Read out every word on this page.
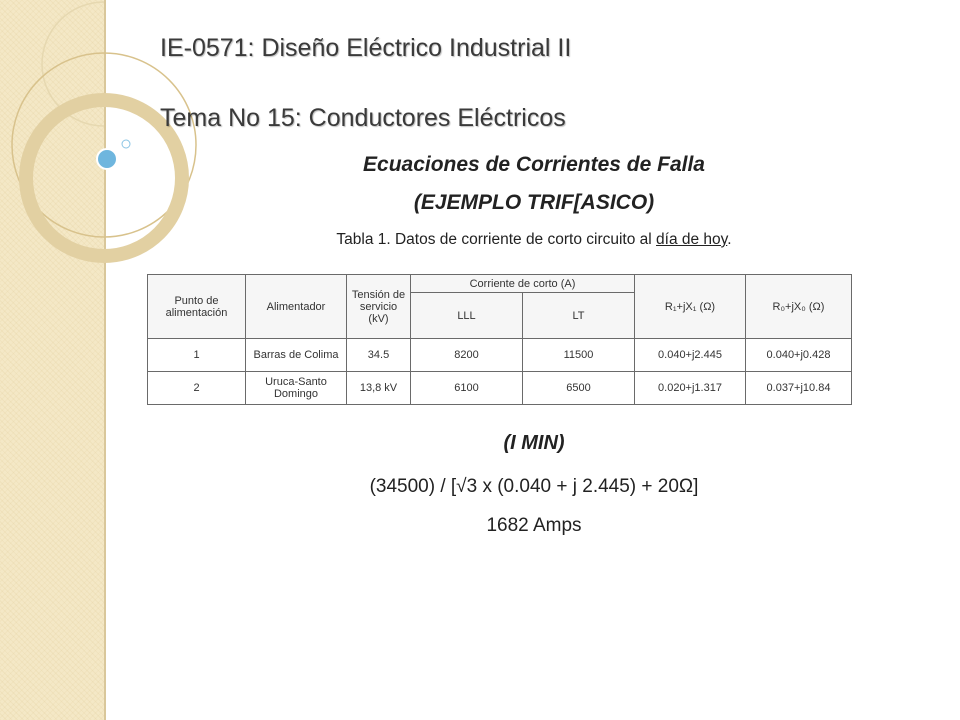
IE-0571: Diseño Eléctrico Industrial II
Tema No 15: Conductores Eléctricos
Ecuaciones de Corrientes de Falla
(EJEMPLO TRIF[ASICO)
Tabla 1. Datos de corriente de corto circuito al día de hoy.
Punto de alimentación	Alimentador	Tensión de servicio (kV)	Corriente de corto (A)		R₁+jX₁ (Ω)	R₀+jX₀ (Ω)
			LLL	LT		
1	Barras de Colima	34.5	8200	11500	0.040+j2.445	0.040+j0.428
2	Uruca-Santo Domingo	13,8 kV	6100	6500	0.020+j1.317	0.037+j10.84
(I MIN)
(34500) / [√3 x (0.040 + j 2.445) + 20Ω]
1682 Amps
